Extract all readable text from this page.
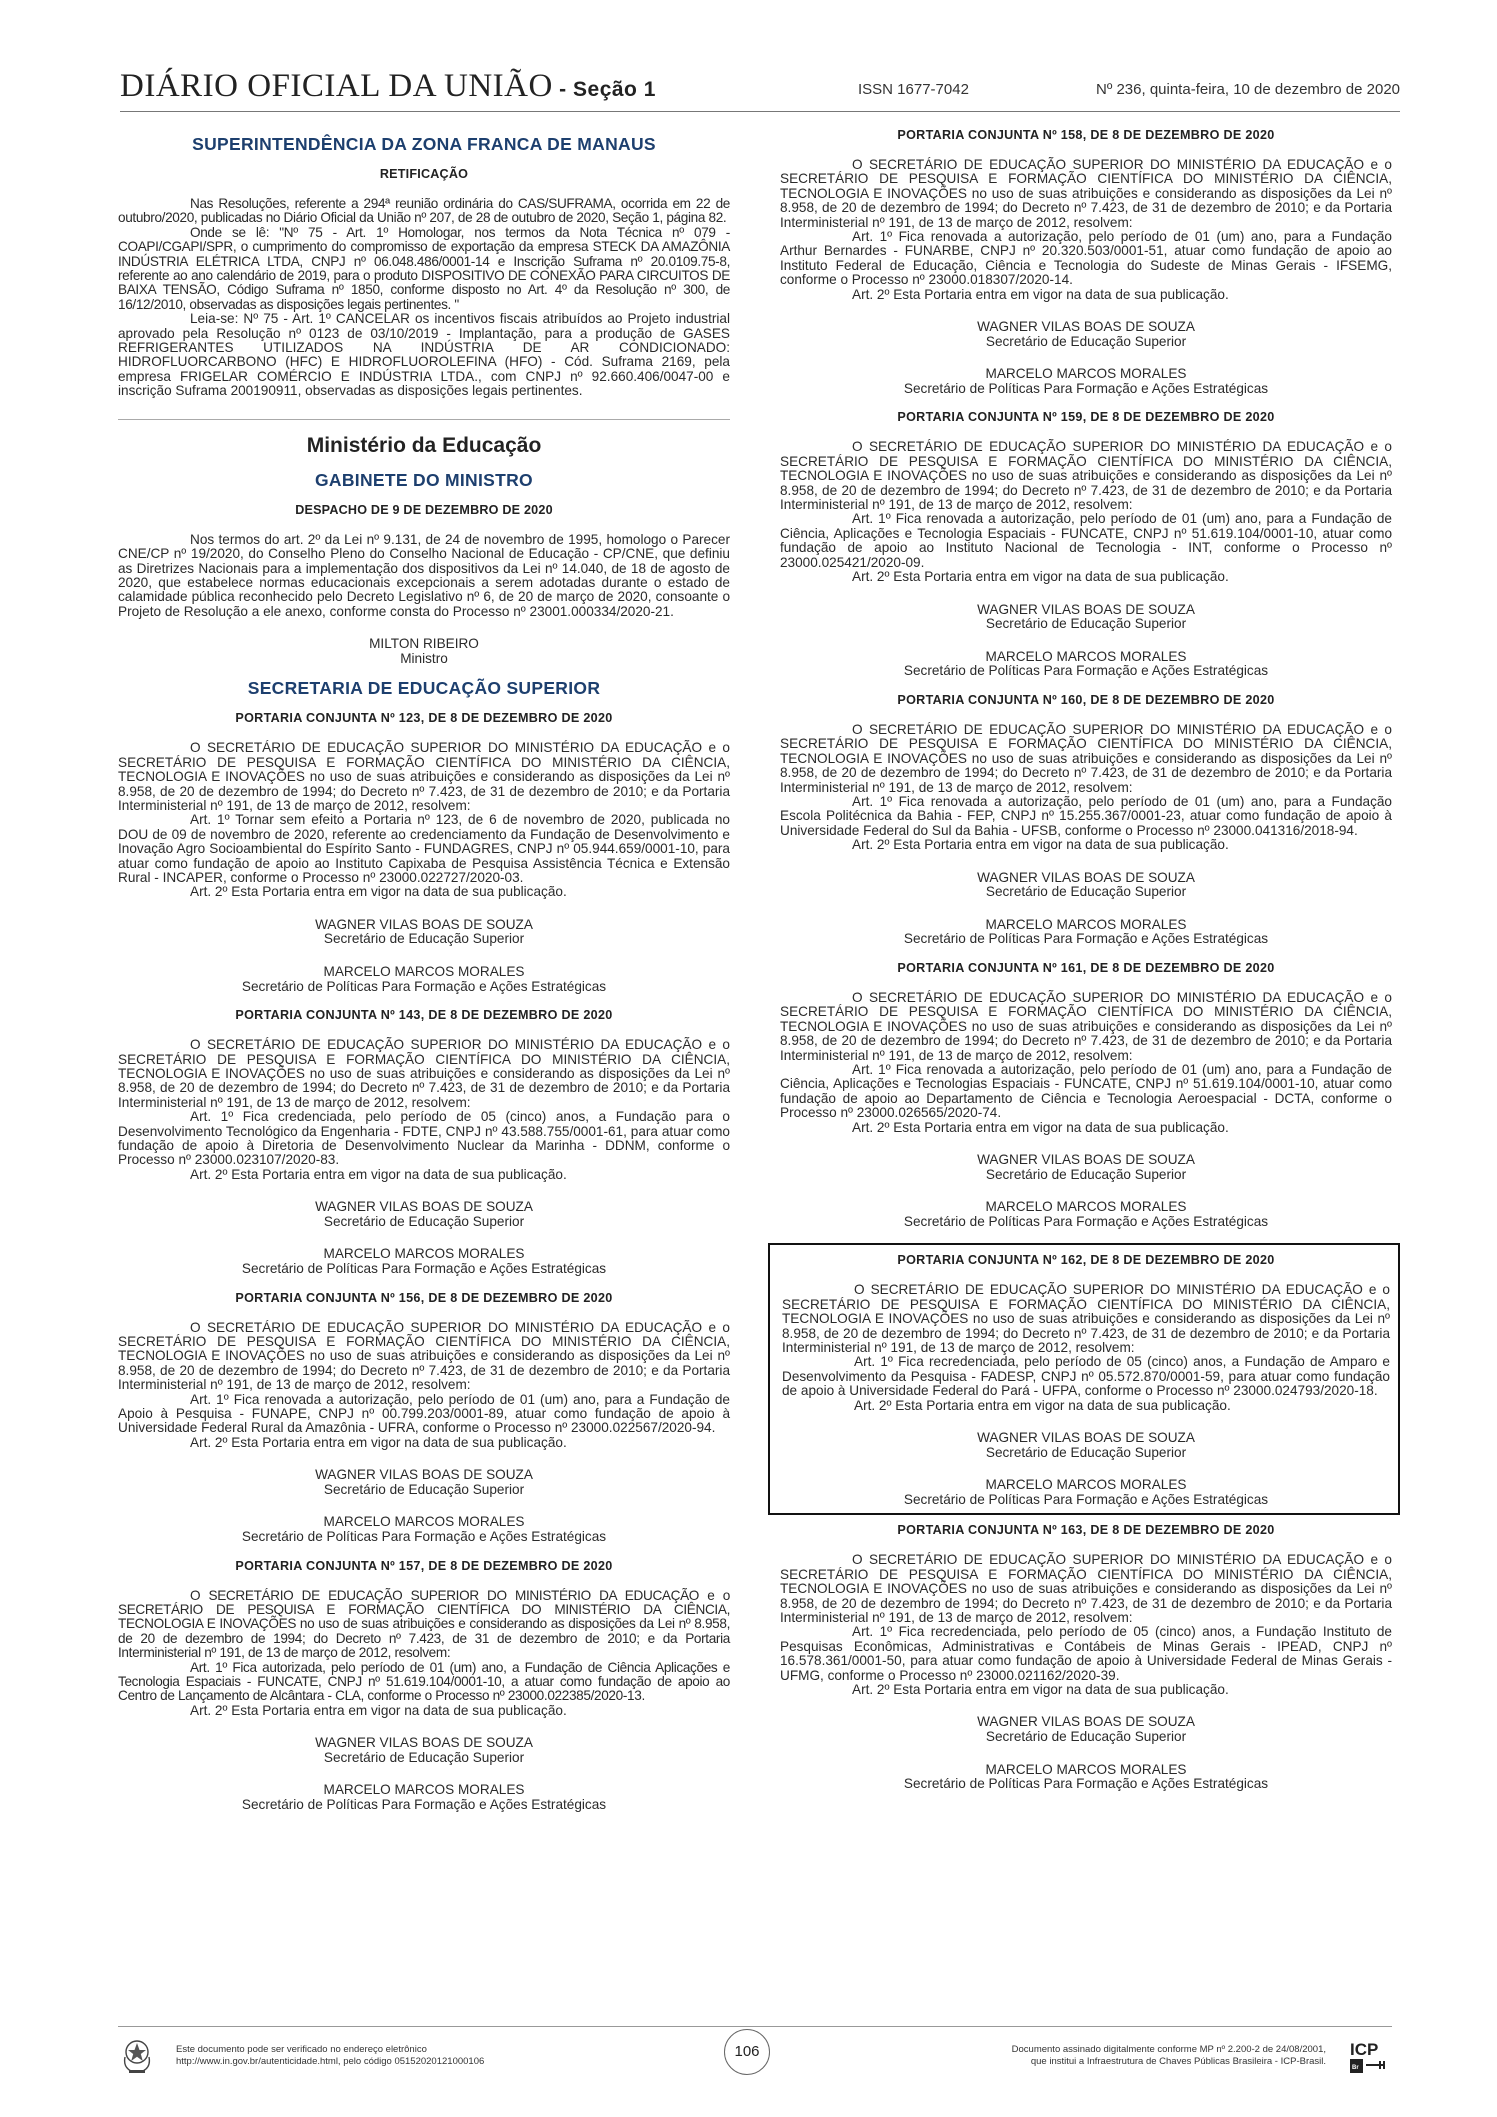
DIÁRIO OFICIAL DA UNIÃO - Seção 1	ISSN 1677-7042	Nº 236, quinta-feira, 10 de dezembro de 2020
SUPERINTENDÊNCIA DA ZONA FRANCA DE MANAUS
RETIFICAÇÃO

Nas Resoluções, referente a 294ª reunião ordinária do CAS/SUFRAMA, ocorrida em 22 de outubro/2020, publicadas no Diário Oficial da União nº 207, de 28 de outubro de 2020, Seção 1, página 82.

Onde se lê: "Nº 75 - Art. 1º Homologar, nos termos da Nota Técnica nº 079 - COAPI/CGAPI/SPR, o cumprimento do compromisso de exportação da empresa STECK DA AMAZÔNIA INDÚSTRIA ELÉTRICA LTDA, CNPJ nº 06.048.486/0001-14 e Inscrição Suframa nº 20.0109.75-8, referente ao ano calendário de 2019, para o produto DISPOSITIVO DE CONEXÃO PARA CIRCUITOS DE BAIXA TENSÃO, Código Suframa nº 1850, conforme disposto no Art. 4º da Resolução nº 300, de 16/12/2010, observadas as disposições legais pertinentes. "

Leia-se: Nº 75 - Art. 1º CANCELAR os incentivos fiscais atribuídos ao Projeto industrial aprovado pela Resolução nº 0123 de 03/10/2019 - Implantação, para a produção de GASES REFRIGERANTES UTILIZADOS NA INDÚSTRIA DE AR CONDICIONADO: HIDROFLUORCARBONO (HFC) E HIDROFLUOROLEFINA (HFO) - Cód. Suframa 2169, pela empresa FRIGELAR COMÉRCIO E INDÚSTRIA LTDA., com CNPJ nº 92.660.406/0047-00 e inscrição Suframa 200190911, observadas as disposições legais pertinentes.

Ministério da Educação
GABINETE DO MINISTRO
DESPACHO DE 9 DE DEZEMBRO DE 2020

Nos termos do art. 2º da Lei nº 9.131, de 24 de novembro de 1995, homologo o Parecer CNE/CP nº 19/2020, do Conselho Pleno do Conselho Nacional de Educação - CP/CNE, que definiu as Diretrizes Nacionais para a implementação dos dispositivos da Lei nº 14.040, de 18 de agosto de 2020, que estabelece normas educacionais excepcionais a serem adotadas durante o estado de calamidade pública reconhecido pelo Decreto Legislativo nº 6, de 20 de março de 2020, consoante o Projeto de Resolução a ele anexo, conforme consta do Processo nº 23001.000334/2020-21.

MILTON RIBEIRO
Ministro
SECRETARIA DE EDUCAÇÃO SUPERIOR
PORTARIA CONJUNTA Nº 123, DE 8 DE DEZEMBRO DE 2020

O SECRETÁRIO DE EDUCAÇÃO SUPERIOR DO MINISTÉRIO DA EDUCAÇÃO e o SECRETÁRIO DE PESQUISA E FORMAÇÃO CIENTÍFICA DO MINISTÉRIO DA CIÊNCIA, TECNOLOGIA E INOVAÇÕES no uso de suas atribuições e considerando as disposições da Lei nº 8.958, de 20 de dezembro de 1994; do Decreto nº 7.423, de 31 de dezembro de 2010; e da Portaria Interministerial nº 191, de 13 de março de 2012, resolvem:

Art. 1º Tornar sem efeito a Portaria nº 123, de 6 de novembro de 2020, publicada no DOU de 09 de novembro de 2020, referente ao credenciamento da Fundação de Desenvolvimento e Inovação Agro Socioambiental do Espírito Santo - FUNDAGRES, CNPJ nº 05.944.659/0001-10, para atuar como fundação de apoio ao Instituto Capixaba de Pesquisa Assistência Técnica e Extensão Rural - INCAPER, conforme o Processo nº 23000.022727/2020-03.

Art. 2º Esta Portaria entra em vigor na data de sua publicação.

WAGNER VILAS BOAS DE SOUZA
Secretário de Educação Superior
MARCELO MARCOS MORALES
Secretário de Políticas Para Formação e Ações Estratégicas
PORTARIA CONJUNTA Nº 143, DE 8 DE DEZEMBRO DE 2020

O SECRETÁRIO DE EDUCAÇÃO SUPERIOR DO MINISTÉRIO DA EDUCAÇÃO e o SECRETÁRIO DE PESQUISA E FORMAÇÃO CIENTÍFICA DO MINISTÉRIO DA CIÊNCIA, TECNOLOGIA E INOVAÇÕES no uso de suas atribuições e considerando as disposições da Lei nº 8.958, de 20 de dezembro de 1994; do Decreto nº 7.423, de 31 de dezembro de 2010; e da Portaria Interministerial nº 191, de 13 de março de 2012, resolvem:

Art. 1º Fica credenciada, pelo período de 05 (cinco) anos, a Fundação para o Desenvolvimento Tecnológico da Engenharia - FDTE, CNPJ nº 43.588.755/0001-61, para atuar como fundação de apoio à Diretoria de Desenvolvimento Nuclear da Marinha - DDNM, conforme o Processo nº 23000.023107/2020-83.

Art. 2º Esta Portaria entra em vigor na data de sua publicação.

WAGNER VILAS BOAS DE SOUZA
Secretário de Educação Superior
MARCELO MARCOS MORALES
Secretário de Políticas Para Formação e Ações Estratégicas
PORTARIA CONJUNTA Nº 156, DE 8 DE DEZEMBRO DE 2020

O SECRETÁRIO DE EDUCAÇÃO SUPERIOR DO MINISTÉRIO DA EDUCAÇÃO e o SECRETÁRIO DE PESQUISA E FORMAÇÃO CIENTÍFICA DO MINISTÉRIO DA CIÊNCIA, TECNOLOGIA E INOVAÇÕES no uso de suas atribuições e considerando as disposições da Lei nº 8.958, de 20 de dezembro de 1994; do Decreto nº 7.423, de 31 de dezembro de 2010; e da Portaria Interministerial nº 191, de 13 de março de 2012, resolvem:

Art. 1º Fica renovada a autorização, pelo período de 01 (um) ano, para a Fundação de Apoio à Pesquisa - FUNAPE, CNPJ nº 00.799.203/0001-89, atuar como fundação de apoio à Universidade Federal Rural da Amazônia - UFRA, conforme o Processo nº 23000.022567/2020-94.

Art. 2º Esta Portaria entra em vigor na data de sua publicação.

WAGNER VILAS BOAS DE SOUZA
Secretário de Educação Superior
MARCELO MARCOS MORALES
Secretário de Políticas Para Formação e Ações Estratégicas
PORTARIA CONJUNTA Nº 157, DE 8 DE DEZEMBRO DE 2020

O SECRETÁRIO DE EDUCAÇÃO SUPERIOR DO MINISTÉRIO DA EDUCAÇÃO e o SECRETÁRIO DE PESQUISA E FORMAÇÃO CIENTÍFICA DO MINISTÉRIO DA CIÊNCIA, TECNOLOGIA E INOVAÇÕES no uso de suas atribuições e considerando as disposições da Lei nº 8.958, de 20 de dezembro de 1994; do Decreto nº 7.423, de 31 de dezembro de 2010; e da Portaria Interministerial nº 191, de 13 de março de 2012, resolvem:

Art. 1º Fica autorizada, pelo período de 01 (um) ano, a Fundação de Ciência Aplicações e Tecnologia Espaciais - FUNCATE, CNPJ nº 51.619.104/0001-10, a atuar como fundação de apoio ao Centro de Lançamento de Alcântara - CLA, conforme o Processo nº 23000.022385/2020-13.

Art. 2º Esta Portaria entra em vigor na data de sua publicação.

WAGNER VILAS BOAS DE SOUZA
Secretário de Educação Superior
MARCELO MARCOS MORALES
Secretário de Políticas Para Formação e Ações Estratégicas
PORTARIA CONJUNTA Nº 158, DE 8 DE DEZEMBRO DE 2020

O SECRETÁRIO DE EDUCAÇÃO SUPERIOR DO MINISTÉRIO DA EDUCAÇÃO e o SECRETÁRIO DE PESQUISA E FORMAÇÃO CIENTÍFICA DO MINISTÉRIO DA CIÊNCIA, TECNOLOGIA E INOVAÇÕES no uso de suas atribuições e considerando as disposições da Lei nº 8.958, de 20 de dezembro de 1994; do Decreto nº 7.423, de 31 de dezembro de 2010; e da Portaria Interministerial nº 191, de 13 de março de 2012, resolvem:

Art. 1º Fica renovada a autorização, pelo período de 01 (um) ano, para a Fundação Arthur Bernardes - FUNARBE, CNPJ nº 20.320.503/0001-51, atuar como fundação de apoio ao Instituto Federal de Educação, Ciência e Tecnologia do Sudeste de Minas Gerais - IFSEMG, conforme o Processo nº 23000.018307/2020-14.

Art. 2º Esta Portaria entra em vigor na data de sua publicação.

WAGNER VILAS BOAS DE SOUZA
Secretário de Educação Superior
MARCELO MARCOS MORALES
Secretário de Políticas Para Formação e Ações Estratégicas
PORTARIA CONJUNTA Nº 159, DE 8 DE DEZEMBRO DE 2020

O SECRETÁRIO DE EDUCAÇÃO SUPERIOR DO MINISTÉRIO DA EDUCAÇÃO e o SECRETÁRIO DE PESQUISA E FORMAÇÃO CIENTÍFICA DO MINISTÉRIO DA CIÊNCIA, TECNOLOGIA E INOVAÇÕES no uso de suas atribuições e considerando as disposições da Lei nº 8.958, de 20 de dezembro de 1994; do Decreto nº 7.423, de 31 de dezembro de 2010; e da Portaria Interministerial nº 191, de 13 de março de 2012, resolvem:

Art. 1º Fica renovada a autorização, pelo período de 01 (um) ano, para a Fundação de Ciência, Aplicações e Tecnologia Espaciais - FUNCATE, CNPJ nº 51.619.104/0001-10, atuar como fundação de apoio ao Instituto Nacional de Tecnologia - INT, conforme o Processo nº 23000.025421/2020-09.

Art. 2º Esta Portaria entra em vigor na data de sua publicação.

WAGNER VILAS BOAS DE SOUZA
Secretário de Educação Superior
MARCELO MARCOS MORALES
Secretário de Políticas Para Formação e Ações Estratégicas
PORTARIA CONJUNTA Nº 160, DE 8 DE DEZEMBRO DE 2020

O SECRETÁRIO DE EDUCAÇÃO SUPERIOR DO MINISTÉRIO DA EDUCAÇÃO e o SECRETÁRIO DE PESQUISA E FORMAÇÃO CIENTÍFICA DO MINISTÉRIO DA CIÊNCIA, TECNOLOGIA E INOVAÇÕES no uso de suas atribuições e considerando as disposições da Lei nº 8.958, de 20 de dezembro de 1994; do Decreto nº 7.423, de 31 de dezembro de 2010; e da Portaria Interministerial nº 191, de 13 de março de 2012, resolvem:

Art. 1º Fica renovada a autorização, pelo período de 01 (um) ano, para a Fundação Escola Politécnica da Bahia - FEP, CNPJ nº 15.255.367/0001-23, atuar como fundação de apoio à Universidade Federal do Sul da Bahia - UFSB, conforme o Processo nº 23000.041316/2018-94.

Art. 2º Esta Portaria entra em vigor na data de sua publicação.

WAGNER VILAS BOAS DE SOUZA
Secretário de Educação Superior
MARCELO MARCOS MORALES
Secretário de Políticas Para Formação e Ações Estratégicas
PORTARIA CONJUNTA Nº 161, DE 8 DE DEZEMBRO DE 2020

O SECRETÁRIO DE EDUCAÇÃO SUPERIOR DO MINISTÉRIO DA EDUCAÇÃO e o SECRETÁRIO DE PESQUISA E FORMAÇÃO CIENTÍFICA DO MINISTÉRIO DA CIÊNCIA, TECNOLOGIA E INOVAÇÕES no uso de suas atribuições e considerando as disposições da Lei nº 8.958, de 20 de dezembro de 1994; do Decreto nº 7.423, de 31 de dezembro de 2010; e da Portaria Interministerial nº 191, de 13 de março de 2012, resolvem:

Art. 1º Fica renovada a autorização, pelo período de 01 (um) ano, para a Fundação de Ciência, Aplicações e Tecnologias Espaciais - FUNCATE, CNPJ nº 51.619.104/0001-10, atuar como fundação de apoio ao Departamento de Ciência e Tecnologia Aeroespacial - DCTA, conforme o Processo nº 23000.026565/2020-74.

Art. 2º Esta Portaria entra em vigor na data de sua publicação.

WAGNER VILAS BOAS DE SOUZA
Secretário de Educação Superior
MARCELO MARCOS MORALES
Secretário de Políticas Para Formação e Ações Estratégicas
PORTARIA CONJUNTA Nº 162, DE 8 DE DEZEMBRO DE 2020

O SECRETÁRIO DE EDUCAÇÃO SUPERIOR DO MINISTÉRIO DA EDUCAÇÃO e o SECRETÁRIO DE PESQUISA E FORMAÇÃO CIENTÍFICA DO MINISTÉRIO DA CIÊNCIA, TECNOLOGIA E INOVAÇÕES no uso de suas atribuições e considerando as disposições da Lei nº 8.958, de 20 de dezembro de 1994; do Decreto nº 7.423, de 31 de dezembro de 2010; e da Portaria Interministerial nº 191, de 13 de março de 2012, resolvem:

Art. 1º Fica recredenciada, pelo período de 05 (cinco) anos, a Fundação de Amparo e Desenvolvimento da Pesquisa - FADESP, CNPJ nº 05.572.870/0001-59, para atuar como fundação de apoio à Universidade Federal do Pará - UFPA, conforme o Processo nº 23000.024793/2020-18.

Art. 2º Esta Portaria entra em vigor na data de sua publicação.

WAGNER VILAS BOAS DE SOUZA
Secretário de Educação Superior
MARCELO MARCOS MORALES
Secretário de Políticas Para Formação e Ações Estratégicas
PORTARIA CONJUNTA Nº 163, DE 8 DE DEZEMBRO DE 2020

O SECRETÁRIO DE EDUCAÇÃO SUPERIOR DO MINISTÉRIO DA EDUCAÇÃO e o SECRETÁRIO DE PESQUISA E FORMAÇÃO CIENTÍFICA DO MINISTÉRIO DA CIÊNCIA, TECNOLOGIA E INOVAÇÕES no uso de suas atribuições e considerando as disposições da Lei nº 8.958, de 20 de dezembro de 1994; do Decreto nº 7.423, de 31 de dezembro de 2010; e da Portaria Interministerial nº 191, de 13 de março de 2012, resolvem:

Art. 1º Fica recredenciada, pelo período de 05 (cinco) anos, a Fundação Instituto de Pesquisas Econômicas, Administrativas e Contábeis de Minas Gerais - IPEAD, CNPJ nº 16.578.361/0001-50, para atuar como fundação de apoio à Universidade Federal de Minas Gerais - UFMG, conforme o Processo nº 23000.021162/2020-39.

Art. 2º Esta Portaria entra em vigor na data de sua publicação.

WAGNER VILAS BOAS DE SOUZA
Secretário de Educação Superior
MARCELO MARCOS MORALES
Secretário de Políticas Para Formação e Ações Estratégicas
Este documento pode ser verificado no endereço eletrônico
http://www.in.gov.br/autenticidade.html, pelo código 05152020121000106
106	Documento assinado digitalmente conforme MP nº 2.200-2 de 24/08/2001,
que institui a Infraestrutura de Chaves Públicas Brasileira - ICP-Brasil.
ICP
Br
